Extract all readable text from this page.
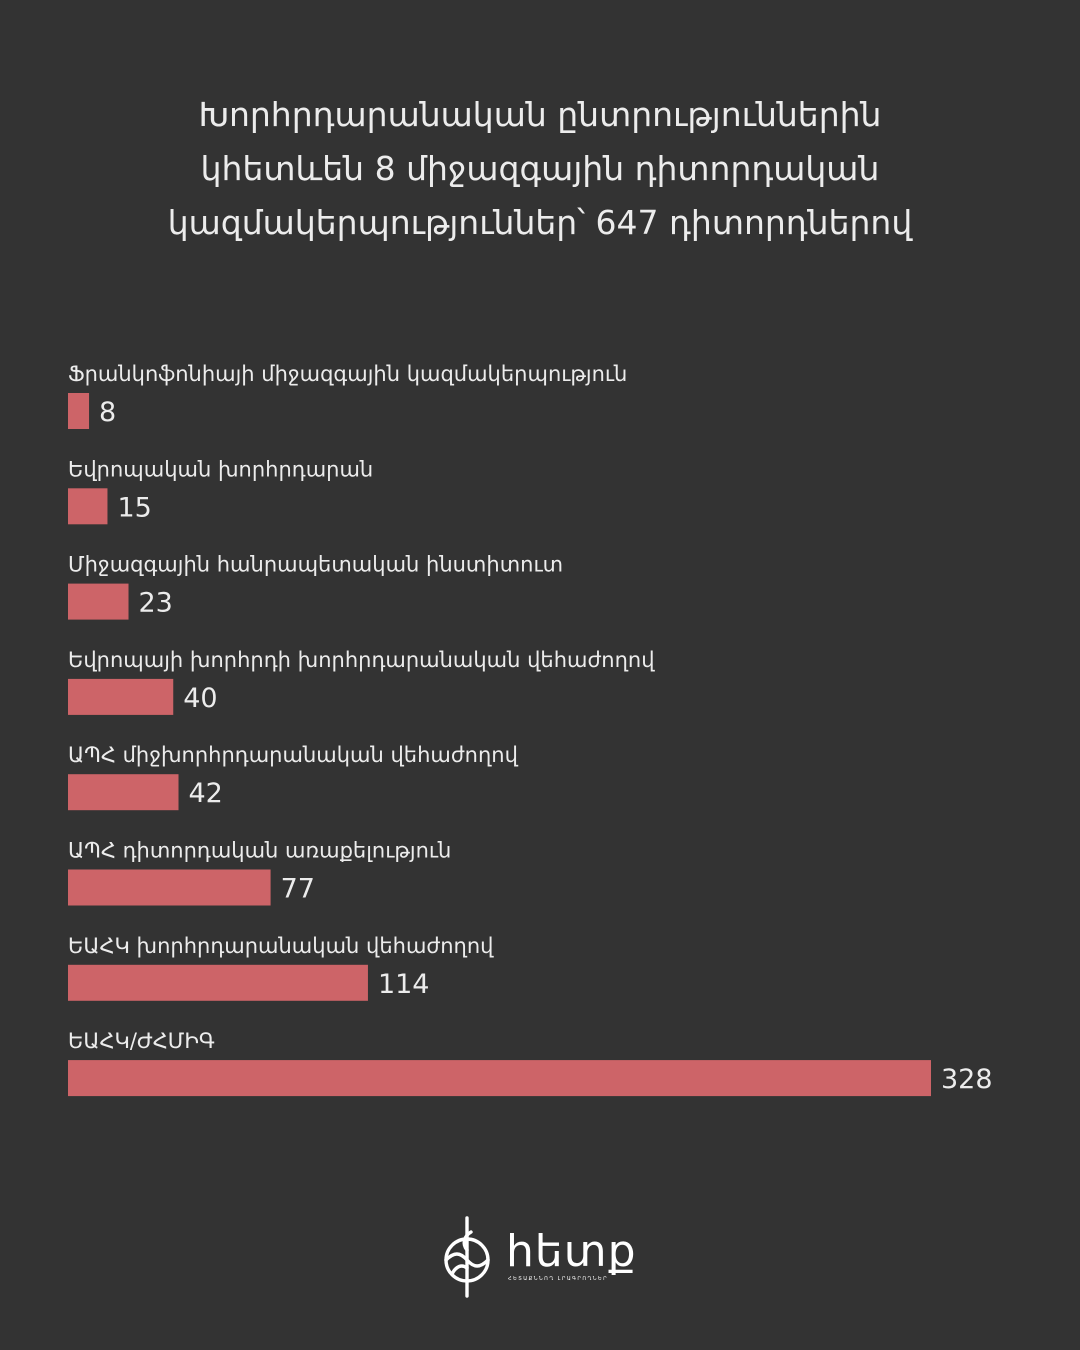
Խորհրդարանական ընտրություններին
կհետևեն 8 միջազգային դիտորդական
կազմակերպություններ՝ 647 դիտորդներով
Ֆրանկոֆոնիայի միջազգային կազմակերպություն
8
Եվրոպական խորհրդարան
15
Միջազգային հանրապետական ինստիտուտ
23
Եվրոպայի խորհրդի խորհրդարանական վեհաժողով
40
ԱՊՀ միջխորհրդարանական վեհաժողով
42
ԱՊՀ դիտորդական առաքելություն
77
ԵԱՀԿ խորհրդարանական վեհաժողով
114
ԵԱՀԿ/ԺՀՄԻԳ
328
hետք
ՀԵՏԱՔՆՆՈՂ ԼՐԱԳՐՈՂՆԵՐ
